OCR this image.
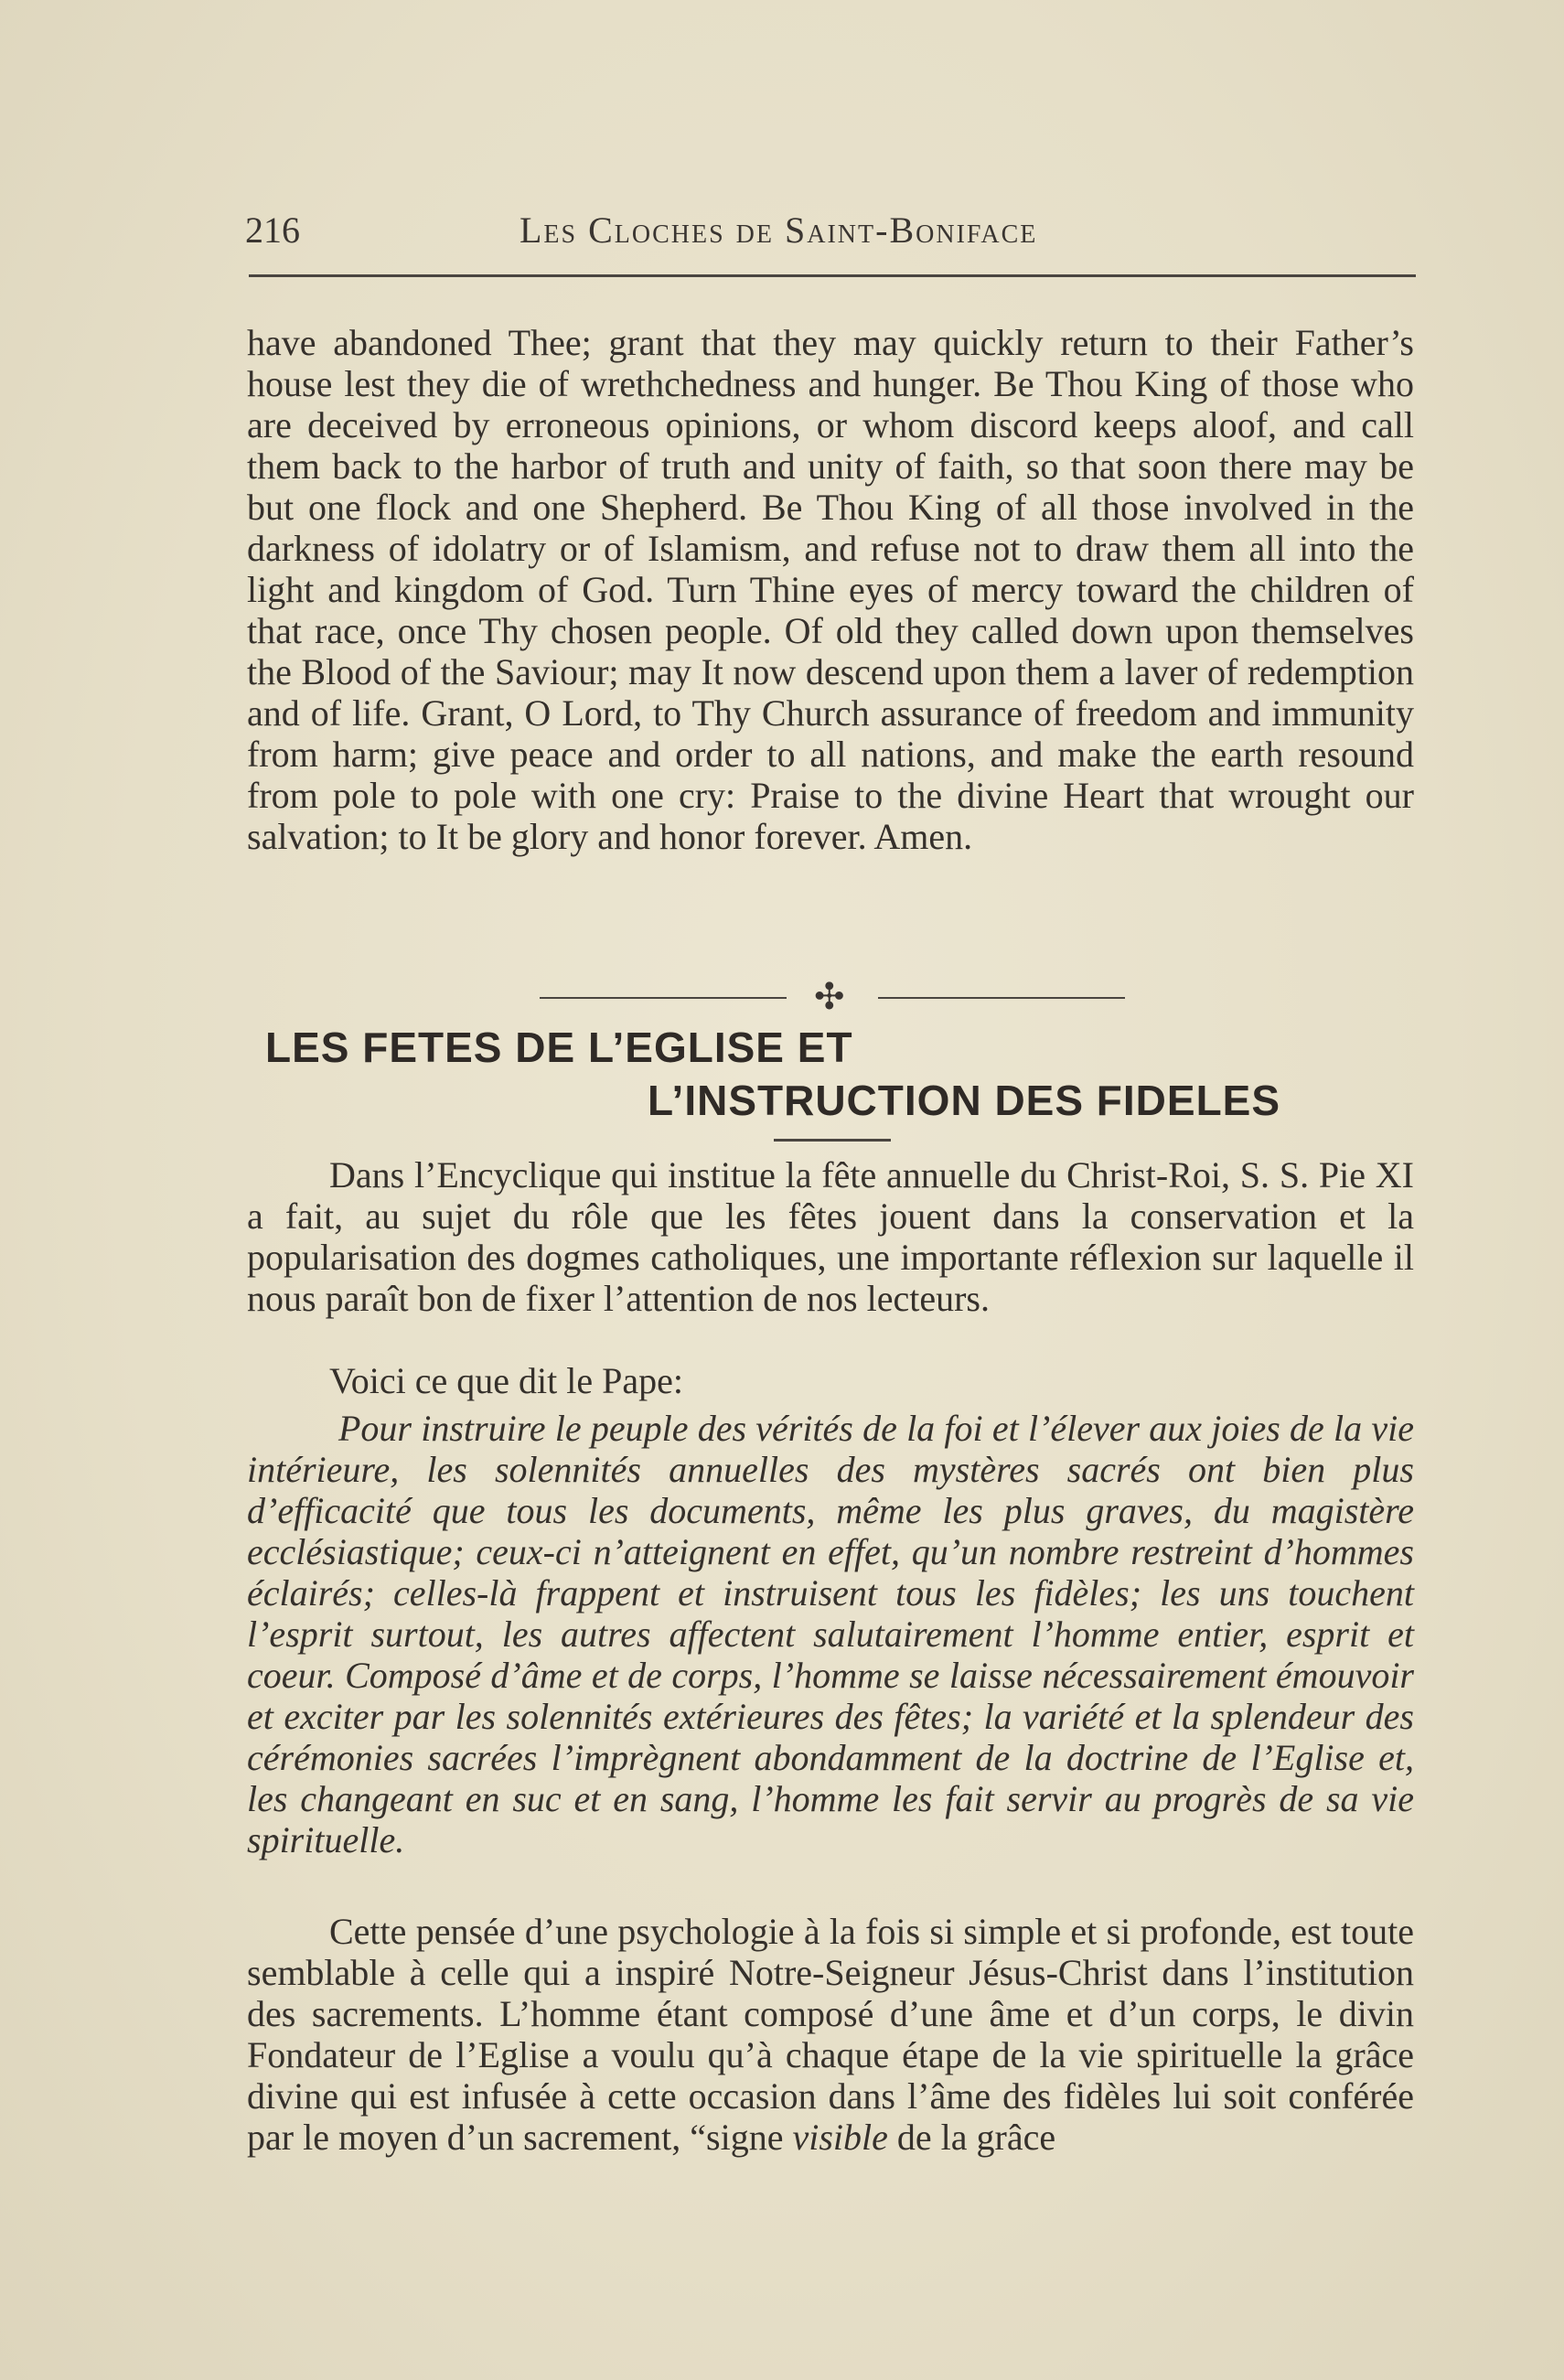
216	Les Cloches de Saint-Boniface
have abandoned Thee; grant that they may quickly return to their Father’s house lest they die of wrethchedness and hunger. Be Thou King of those who are deceived by erroneous opinions, or whom discord keeps aloof, and call them back to the harbor of truth and unity of faith, so that soon there may be but one flock and one Shepherd. Be Thou King of all those involved in the darkness of idolatry or of Islamism, and refuse not to draw them all into the light and kingdom of God. Turn Thine eyes of mercy toward the children of that race, once Thy chosen people. Of old they called down upon themselves the Blood of the Saviour; may It now descend upon them a laver of redemption and of life. Grant, O Lord, to Thy Church assurance of freedom and immunity from harm; give peace and order to all nations, and make the earth resound from pole to pole with one cry: Praise to the divine Heart that wrought our salvation; to It be glory and honor forever. Amen.
✣
LES FETES DE L’EGLISE ET
L’INSTRUCTION DES FIDELES
Dans l’Encyclique qui institue la fête annuelle du Christ-Roi, S. S. Pie XI a fait, au sujet du rôle que les fêtes jouent dans la conservation et la popularisation des dogmes catholiques, une importante réflexion sur laquelle il nous paraît bon de fixer l’attention de nos lecteurs.
Voici ce que dit le Pape:
Pour instruire le peuple des vérités de la foi et l’élever aux joies de la vie intérieure, les solennités annuelles des mystères sacrés ont bien plus d’efficacité que tous les documents, même les plus graves, du magistère ecclésiastique; ceux-ci n’atteignent en effet, qu’un nombre restreint d’hommes éclairés; celles-là frappent et instruisent tous les fidèles; les uns touchent l’esprit surtout, les autres affectent salutairement l’homme entier, esprit et coeur. Composé d’âme et de corps, l’homme se laisse nécessairement émouvoir et exciter par les solennités extérieures des fêtes; la variété et la splendeur des cérémonies sacrées l’imprègnent abondamment de la doctrine de l’Eglise et, les changeant en suc et en sang, l’homme les fait servir au progrès de sa vie spirituelle.
Cette pensée d’une psychologie à la fois si simple et si profonde, est toute semblable à celle qui a inspiré Notre-Seigneur Jésus-Christ dans l’institution des sacrements. L’homme étant composé d’une âme et d’un corps, le divin Fondateur de l’Eglise a voulu qu’à chaque étape de la vie spirituelle la grâce divine qui est infusée à cette occasion dans l’âme des fidèles lui soit conférée par le moyen d’un sacrement, “signe visible de la grâce
